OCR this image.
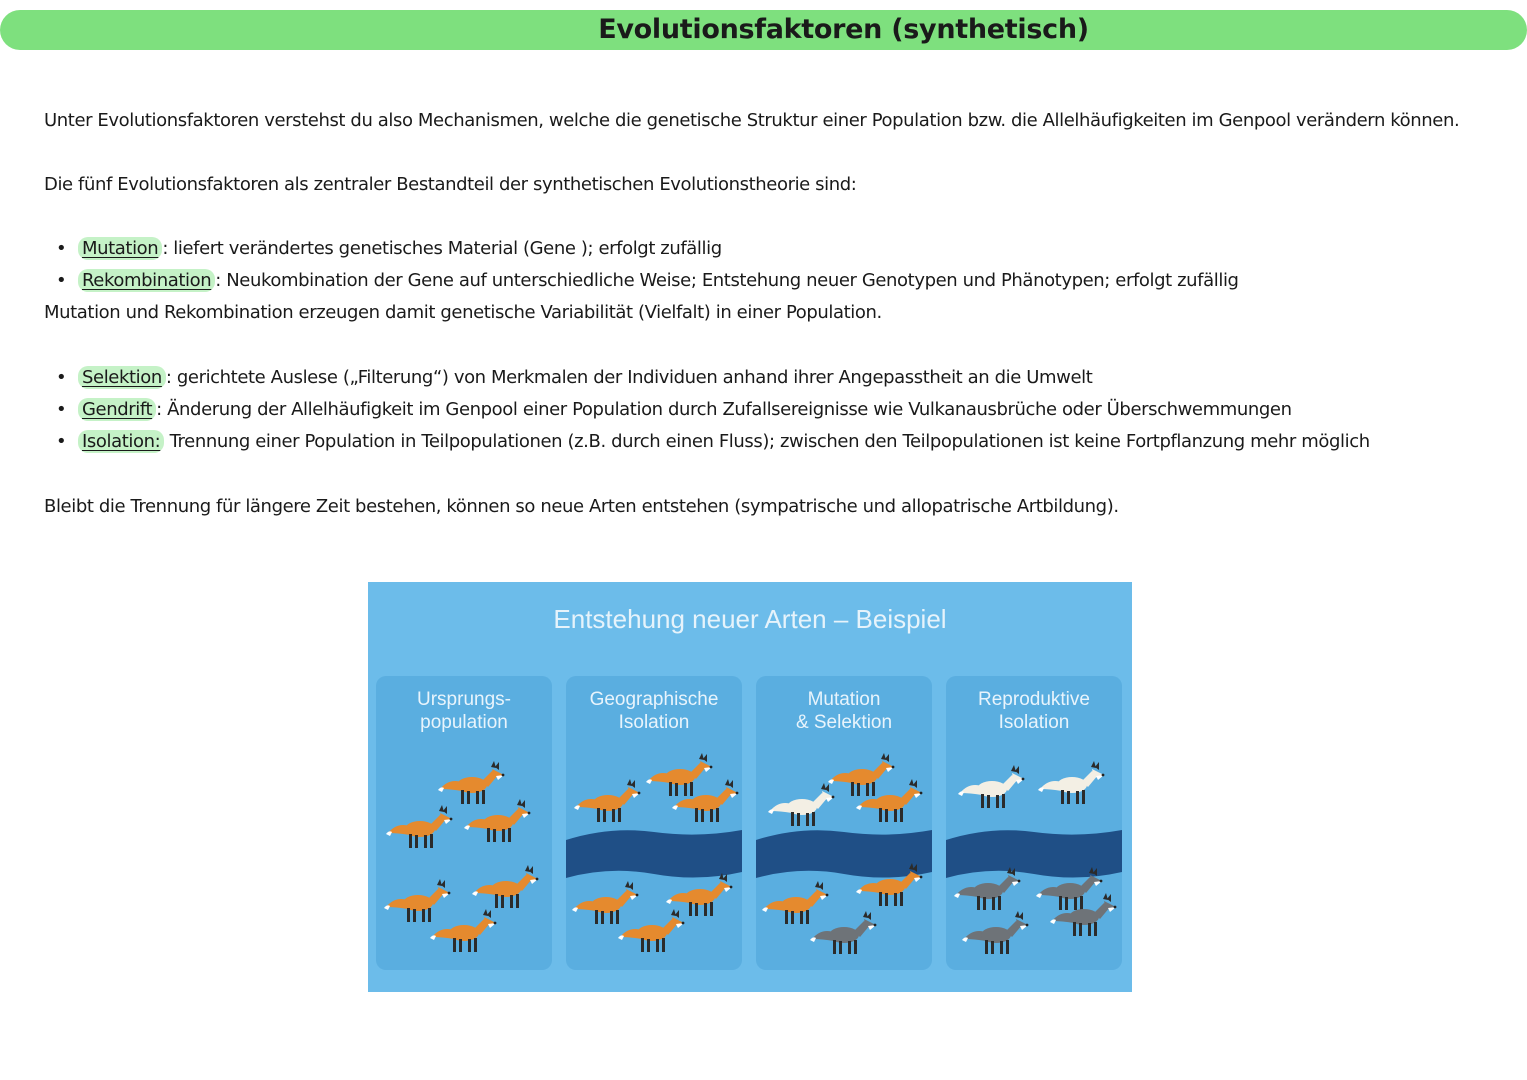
Evolutionsfaktoren (synthetisch)
Unter Evolutionsfaktoren verstehst du also Mechanismen, welche die genetische Struktur einer Population bzw. die Allelhäufigkeiten im Genpool verändern können.
Die fünf Evolutionsfaktoren als zentraler Bestandteil der synthetischen Evolutionstheorie sind:
• Mutation : liefert verändertes genetisches Material (Gene ); erfolgt zufällig
• Rekombination : Neukombination der Gene auf unterschiedliche Weise; Entstehung neuer Genotypen und Phänotypen; erfolgt zufällig
Mutation und Rekombination erzeugen damit genetische Variabilität (Vielfalt) in einer Population.
• Selektion : gerichtete Auslese („Filterung“) von Merkmalen der Individuen anhand ihrer Angepasstheit an die Umwelt
• Gendrift : Änderung der Allelhäufigkeit im Genpool einer Population durch Zufallsereignisse wie Vulkanausbrüche oder Überschwemmungen
• Isolation: Trennung einer Population in Teilpopulationen (z.B. durch einen Fluss); zwischen den Teilpopulationen ist keine Fortpflanzung mehr möglich
Bleibt die Trennung für längere Zeit bestehen, können so neue Arten entstehen (sympatrische und allopatrische Artbildung).
Entstehung neuer Arten – Beispiel
Ursprungs-
population
Geographische
Isolation
Mutation
& Selektion
Reproduktive
Isolation
